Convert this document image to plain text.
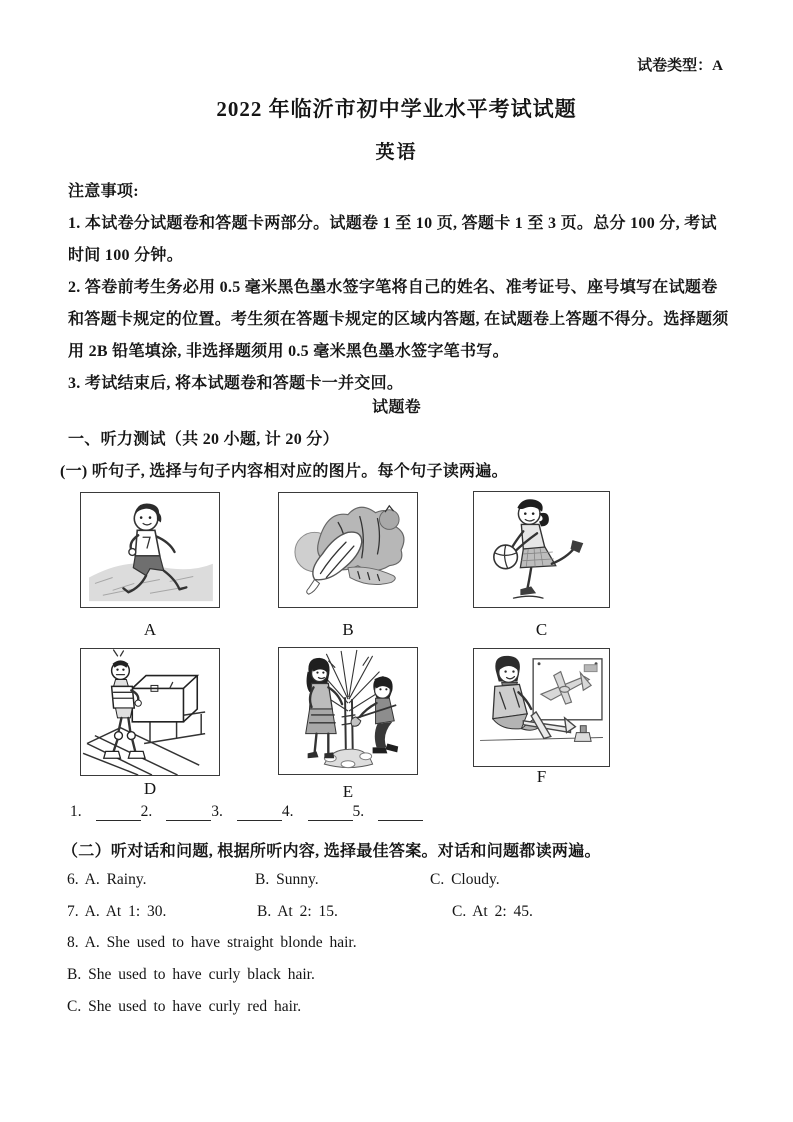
试卷类型：A
2022 年临沂市初中学业水平考试试题
英语
注意事项:
1. 本试卷分试题卷和答题卡两部分。试题卷 1 至 10 页, 答题卡 1 至 3 页。总分 100 分, 考试
时间 100 分钟。
2. 答卷前考生务必用 0.5 毫米黑色墨水签字笔将自己的姓名、准考证号、座号填写在试题卷
和答题卡规定的位置。考生须在答题卡规定的区域内答题, 在试题卷上答题不得分。选择题须
用 2B 铅笔填涂, 非选择题须用 0.5 毫米黑色墨水签字笔书写。
3. 考试结束后, 将本试题卷和答题卡一并交回。
试题卷
一、听力测试（共 20 小题, 计 20 分）
(一) 听句子, 选择与句子内容相对应的图片。每个句子读两遍。
A	B	C
D	E
F
1.	2.	3.	4.	5.
（二）听对话和问题, 根据所听内容, 选择最佳答案。对话和问题都读两遍。
6. A. Rainy.	B. Sunny.	C. Cloudy.
7. A. At 1: 30.	B. At 2: 15.	C. At 2: 45.
8. A. She used to have straight blonde hair.
B. She used to have curly black hair.
C. She used to have curly red hair.
